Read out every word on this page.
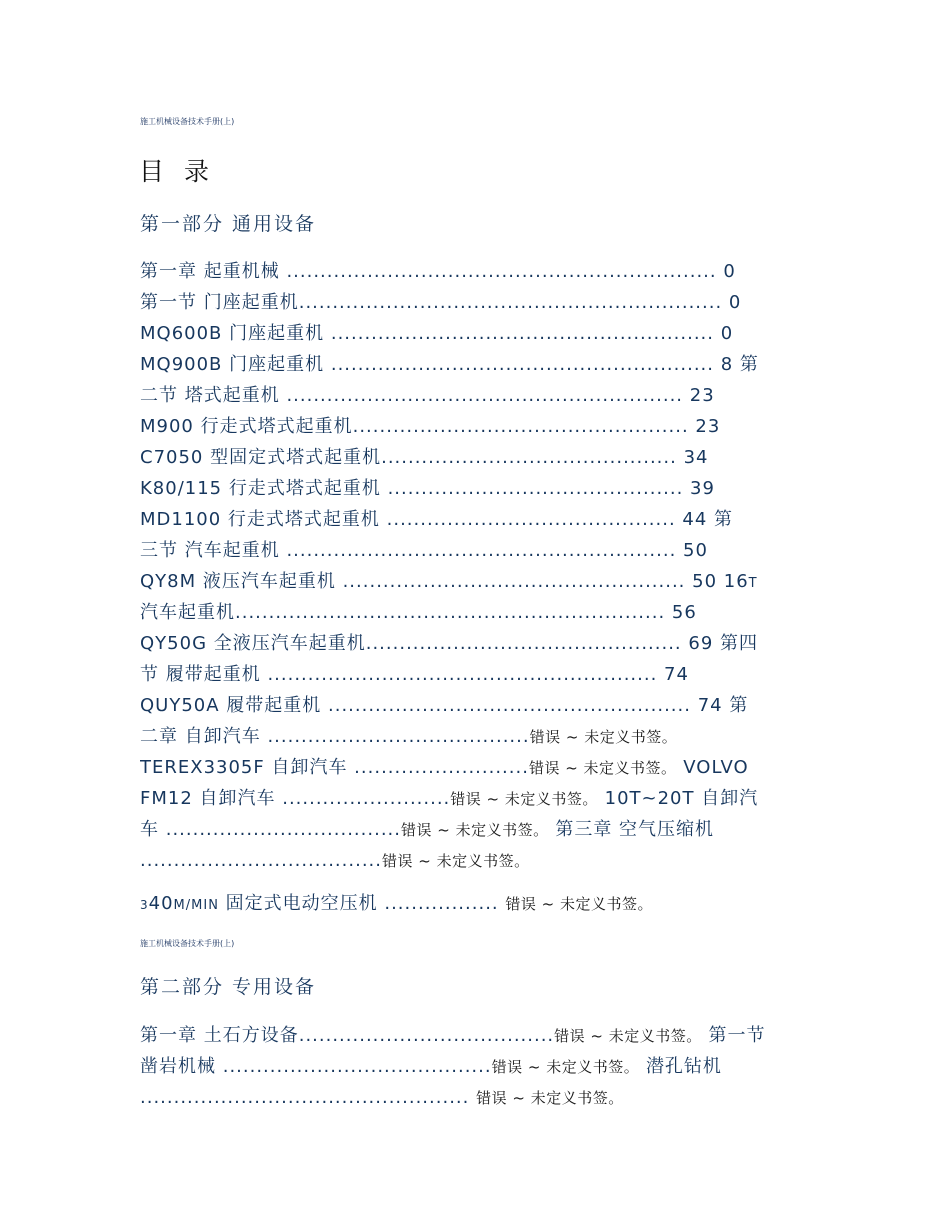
施工机械设备技术手册(上)
目 录
第一部分 通用设备
第一章 起重机械 ................................................................ 0
第一节 门座起重机............................................................... 0
MQ600B 门座起重机 ......................................................... 0
MQ900B 门座起重机 ......................................................... 8 第
二节 塔式起重机 ........................................................... 23
M900 行走式塔式起重机.................................................. 23
C7050 型固定式塔式起重机............................................ 34
K80/115 行走式塔式起重机 ............................................ 39
MD1100 行走式塔式起重机 ........................................... 44 第
三节 汽车起重机 .......................................................... 50
QY8M 液压汽车起重机 ................................................... 50 16T
汽车起重机................................................................ 56
QY50G 全液压汽车起重机............................................... 69 第四
节 履带起重机 .......................................................... 74
QUY50A 履带起重机 ...................................................... 74 第
二章 自卸汽车 .......................................错误 ~ 未定义书签。
TEREX3305F 自卸汽车 ..........................错误 ~ 未定义书签。 VOLVO
FM12 自卸汽车 .........................错误 ~ 未定义书签。 10T~20T 自卸汽
车 ...................................错误 ~ 未定义书签。 第三章 空气压缩机
....................................错误 ~ 未定义书签。
340M/MIN 固定式电动空压机 ................. 错误 ~ 未定义书签。
施工机械设备技术手册(上)
第二部分 专用设备
第一章 土石方设备......................................错误 ~ 未定义书签。 第一节
凿岩机械 ........................................错误 ~ 未定义书签。 潜孔钻机
................................................. 错误 ~ 未定义书签。
